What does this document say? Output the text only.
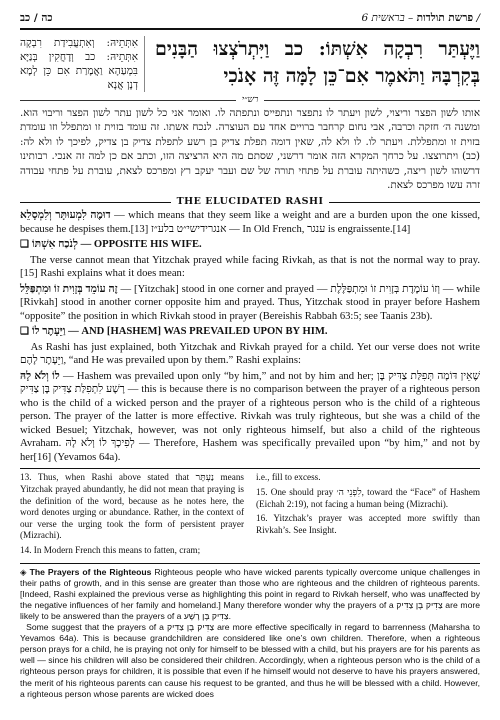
כה / כב	פרשת תולדות – בראשית 6 /
וַיֶּעְתַּר רִבְקָה אִשְׁתּוֹ: כב וַיִּתְרֹצְצוּ הַבָּנִים בְּקִרְבָּהּ וַתֹּאמֶר אִם־כֵּן לָמָּה זֶּה אָנֹכִי
אִתְּתֵיהּ: וְאִתְעֲבִידַת רִבְקָה אִתְּתֵיהּ: כב וְדָחֲקִין בְּנַיָּא בִּמְעַהָא וַאֲמָרַת אִם כֵּן לְמָא דְנָן אֲנָא
רש״י
אותו לשון הפצר וריצוי, לשון ויעתר לו נתפצר ונתפייס ונתפתה לו. ואומר אני כל לשון עתר לשון הפצר וריבוי הוא. ומשנה ה׳ חזקה וכרבה, אבי נחום קרחבר ברויים אחד עם העוצרה. לנכח אשתו. זה עומד בזוית זו ומתפלל וזו עומדת בזוית זו ומתפללת. ויעתר לו. לו ולא לה, שאין דומה תפלת צדיק בן רשע לתפלת צדיק בן צדיק, לפיכך לו ולא לה: (כב) ויתרוצצו. על כרחך המקרא הזה אומר דרשני, שסתם מה היא הרציצה הזו, וכתב אם כן למה זה אנכי. רבותינו דרשוהו לשון ריצה, כשהיתה עוברת על פתחי תורה של שם ועבר יעקב רץ ומפרכס לצאת, עוברת על פתחי עבודה זרה עשו מפרכס לצאת.
THE ELUCIDATED RASHI

דוּמֶה לִמְעוּתָּר וְלִמְסָלֵא — which means that they seem like a weight and are a burden upon the one kissed, because he despises them.[13] אנגרידישי״ט בלע״ז — In Old French, ענגר is engraissente.[14]

❑ לְנֹכַח אִשְׁתּוֹ — OPPOSITE HIS WIFE.

The verse cannot mean that Yitzchak prayed while facing Rivkah, as that is not the normal way to pray.[15] Rashi explains what it does mean:

זֶה עוֹמֵד בְּזָוִית זוֹ וּמִתְפַּלֵּל — [Yitzchak] stood in one corner and prayed — וְזוֹ עוֹמֶדֶת בְּזָוִית זוֹ וּמִתְפַּלֶּלֶת — while [Rivkah] stood in another corner opposite him and prayed. Thus, Yitzchak stood in prayer before Hashem “opposite” the position in which Rivkah stood in prayer (Bereishis Rabbah 63:5; see Taanis 23b).

❑ וַיֵּעָתֶר לוֹ — AND [HASHEM] WAS PREVAILED UPON BY HIM.

As Rashi has just explained, both Yitzchak and Rivkah prayed for a child. Yet our verse does not write וַיֵּעָתֶר לָהֶם, “and He was prevailed upon by them.” Rashi explains:

לוֹ וְלֹא לָהּ — Hashem was prevailed upon only “by him,” and not by him and her; שֶׁאֵין דּוֹמָה תְּפִלַּת צַדִּיק בֶּן רָשָׁע לִתְפִלַּת צַדִּיק בֶּן צַדִּיק — this is because there is no comparison between the prayer of a righteous person who is the child of a wicked person and the prayer of a righteous person who is the child of a righteous person. The prayer of the latter is more effective. Rivkah was truly righteous, but she was a child of the wicked Besuel; Yitzchak, however, was not only righteous himself, but also a child of the righteous Avraham. לְפִיכָךְ לוֹ וְלֹא לָהּ — Therefore, Hashem was specifically prevailed upon “by him,” and not by her[16] (Yevamos 64a).

13. Thus, when Rashi above stated that נַעְתָּר means Yitzchak prayed abundantly, he did not mean that praying is the definition of the word, because as he notes here, the word denotes urging or abundance. Rather, in the context of our verse the urging took the form of persistent prayer (Mizrachi).

14. In Modern French this means to fatten, cram;

i.e., fill to excess.

15. One should pray לִפְנֵי ה׳, toward the “Face” of Hashem (Eichah 2:19), not facing a human being (Mizrachi).

16. Yitzchak’s prayer was accepted more swiftly than Rivkah’s. See Insight.

◈ The Prayers of the Righteous Righteous people who have wicked parents typically overcome unique challenges in their paths of growth, and in this sense are greater than those who are righteous and the children of righteous parents. [Indeed, Rashi explained the previous verse as highlighting this point in regard to Rivkah herself, who was unaffected by the negative influences of her family and homeland.] Many therefore wonder why the prayers of a צַדִּיק בֶּן צַדִּיק are more likely to be answered than the prayers of a צַדִּיק בֶּן רָשָׁע.

Some suggest that the prayers of a צַדִּיק בֶּן צַדִּיק are more effective specifically in regard to barrenness (Maharsha to Yevamos 64a). This is because grandchildren are considered like one’s own children. Therefore, when a righteous person prays for a child, he is praying not only for himself to be blessed with a child, but his prayers are for his parents as well — since his children will also be considered their children. Accordingly, when a righteous person who is the child of a righteous person prays for children, it is possible that even if he himself would not deserve to have his prayers answered, the merit of his righteous parents can cause his request to be granted, and thus he will be blessed with a child. However, a righteous person whose parents are wicked does
